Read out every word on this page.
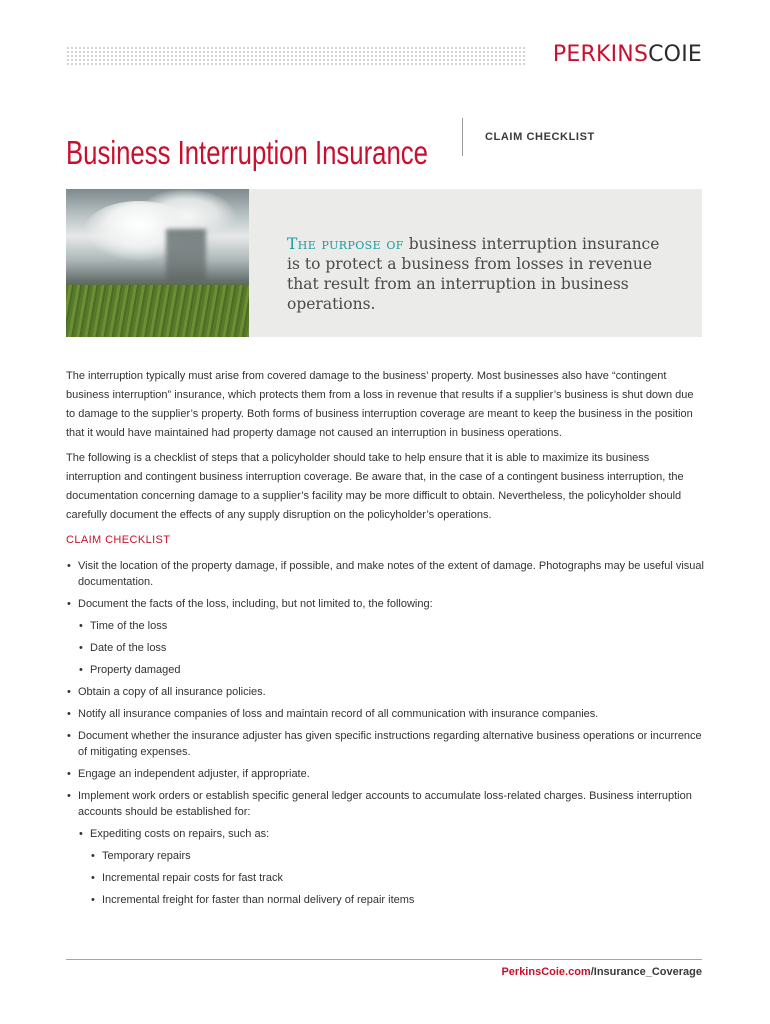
PERKINSCOIE
Business Interruption Insurance	CLAIM CHECKLIST
The purpose of business interruption insurance is to protect a business from losses in revenue that result from an interruption in business operations.

The interruption typically must arise from covered damage to the business’ property. Most businesses also have “contingent business interruption” insurance, which protects them from a loss in revenue that results if a supplier’s business is shut down due to damage to the supplier’s property. Both forms of business interruption coverage are meant to keep the business in the position that it would have maintained had property damage not caused an interruption in business operations.

The following is a checklist of steps that a policyholder should take to help ensure that it is able to maximize its business interruption and contingent business interruption coverage. Be aware that, in the case of a contingent business interruption, the documentation concerning damage to a supplier’s facility may be more difficult to obtain. Nevertheless, the policyholder should carefully document the effects of any supply disruption on the policyholder’s operations.

CLAIM CHECKLIST
• Visit the location of the property damage, if possible, and make notes of the extent of damage. Photographs may be useful visual documentation.
• Document the facts of the loss, including, but not limited to, the following:
• Time of the loss
• Date of the loss
• Property damaged
• Obtain a copy of all insurance policies.
• Notify all insurance companies of loss and maintain record of all communication with insurance companies.
• Document whether the insurance adjuster has given specific instructions regarding alternative business operations or incurrence of mitigating expenses.
• Engage an independent adjuster, if appropriate.
• Implement work orders or establish specific general ledger accounts to accumulate loss-related charges. Business interruption accounts should be established for:
• Expediting costs on repairs, such as:
• Temporary repairs
• Incremental repair costs for fast track
• Incremental freight for faster than normal delivery of repair items
PerkinsCoie.com/Insurance_Coverage
